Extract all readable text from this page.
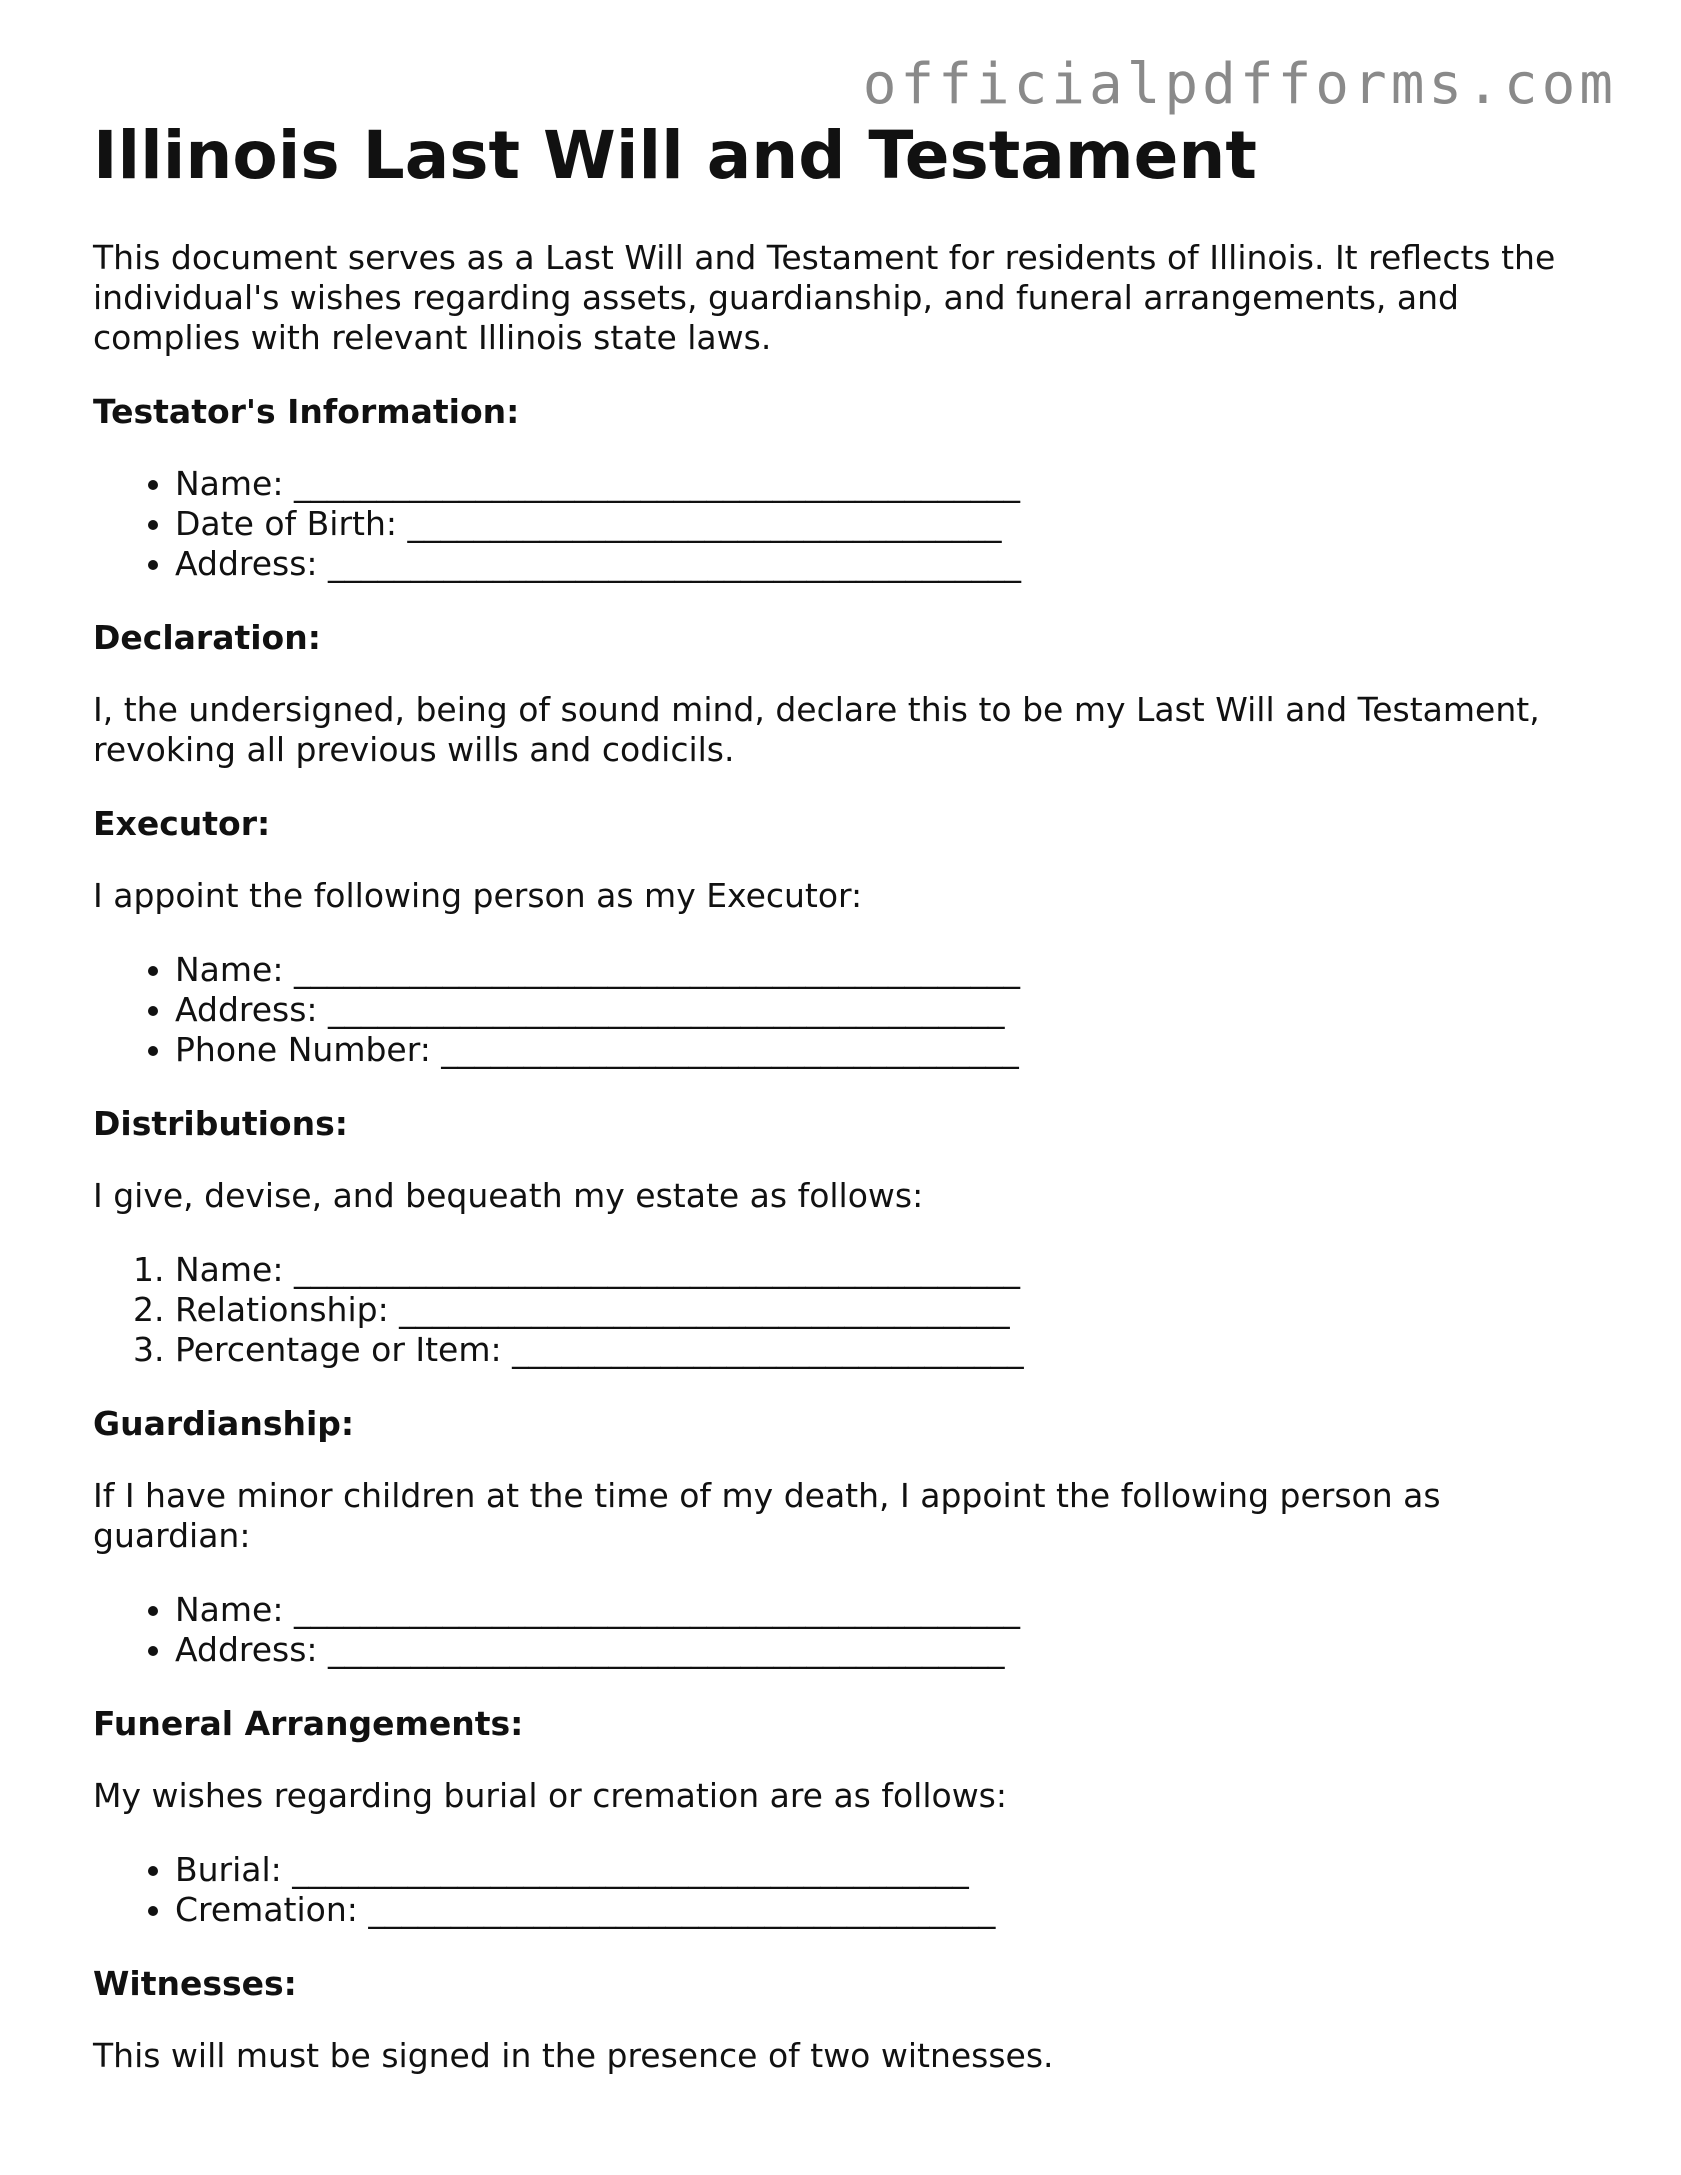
officialpdfforms.com
Illinois Last Will and Testament

This document serves as a Last Will and Testament for residents of Illinois. It reflects the individual's wishes regarding assets, guardianship, and funeral arrangements, and complies with relevant Illinois state laws.

Testator's Information:
• Name: ____________________________________________
• Date of Birth: ____________________________________
• Address: __________________________________________
Declaration:

I, the undersigned, being of sound mind, declare this to be my Last Will and Testament, revoking all previous wills and codicils.

Executor:

I appoint the following person as my Executor:

• Name: ____________________________________________
• Address: _________________________________________
• Phone Number: ___________________________________
Distributions:

I give, devise, and bequeath my estate as follows:

1. Name: ____________________________________________
2. Relationship: _____________________________________
3. Percentage or Item: _______________________________
Guardianship:

If I have minor children at the time of my death, I appoint the following person as guardian:

• Name: ____________________________________________
• Address: _________________________________________
Funeral Arrangements:

My wishes regarding burial or cremation are as follows:

• Burial: _________________________________________
• Cremation: ______________________________________
Witnesses:

This will must be signed in the presence of two witnesses.
